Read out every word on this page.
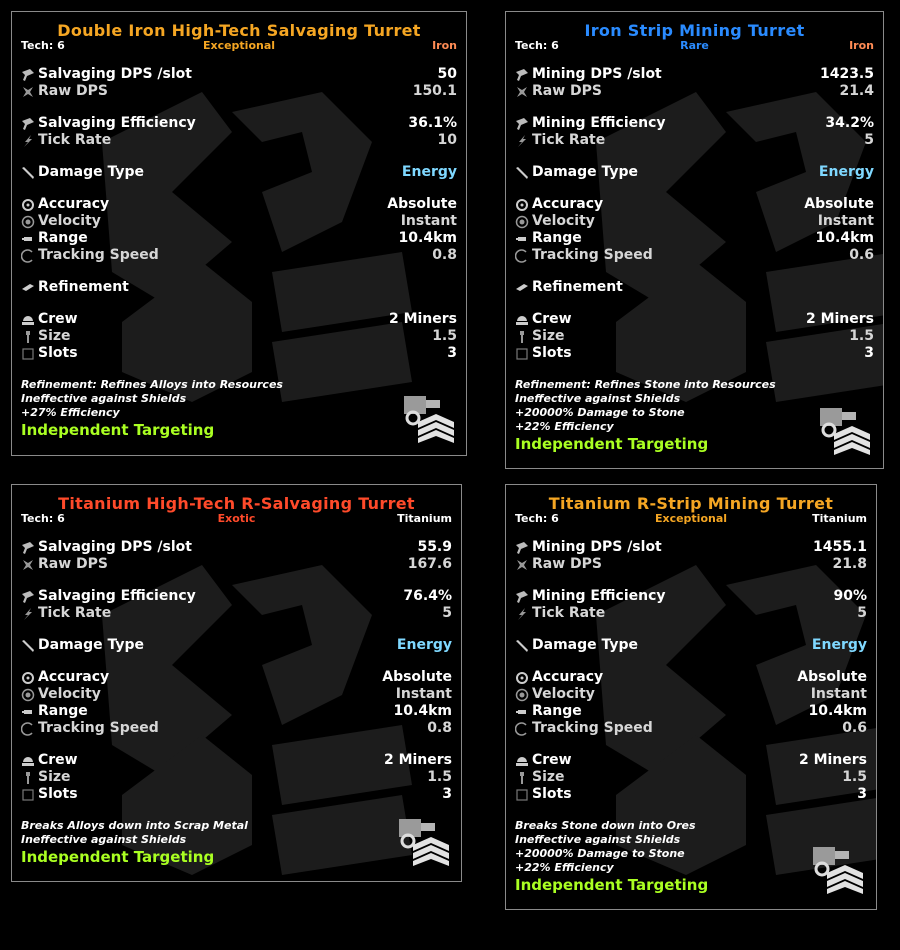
Double Iron High-Tech Salvaging Turret
Tech: 6	Exceptional	Iron
Salvaging DPS /slot	50
Raw DPS	150.1
Salvaging Efficiency	36.1%
Tick Rate	10
Damage Type	Energy
Accuracy	Absolute
Velocity	Instant
Range	10.4km
Tracking Speed	0.8
Refinement
Crew	2 Miners
Size	1.5
Slots	3
Refinement: Refines Alloys into Resources
Ineffective against Shields
+27% Efficiency
Independent Targeting
Iron Strip Mining Turret
Tech: 6	Rare	Iron
Mining DPS /slot	1423.5
Raw DPS	21.4
Mining Efficiency	34.2%
Tick Rate	5
Damage Type	Energy
Accuracy	Absolute
Velocity	Instant
Range	10.4km
Tracking Speed	0.6
Refinement
Crew	2 Miners
Size	1.5
Slots	3
Refinement: Refines Stone into Resources
Ineffective against Shields
+20000% Damage to Stone
+22% Efficiency
Independent Targeting
Titanium High-Tech R-Salvaging Turret
Tech: 6	Exotic	Titanium
Salvaging DPS /slot	55.9
Raw DPS	167.6
Salvaging Efficiency	76.4%
Tick Rate	5
Damage Type	Energy
Accuracy	Absolute
Velocity	Instant
Range	10.4km
Tracking Speed	0.8
Crew	2 Miners
Size	1.5
Slots	3
Breaks Alloys down into Scrap Metal
Ineffective against Shields
Independent Targeting
Titanium R-Strip Mining Turret
Tech: 6	Exceptional	Titanium
Mining DPS /slot	1455.1
Raw DPS	21.8
Mining Efficiency	90%
Tick Rate	5
Damage Type	Energy
Accuracy	Absolute
Velocity	Instant
Range	10.4km
Tracking Speed	0.6
Crew	2 Miners
Size	1.5
Slots	3
Breaks Stone down into Ores
Ineffective against Shields
+20000% Damage to Stone
+22% Efficiency
Independent Targeting
